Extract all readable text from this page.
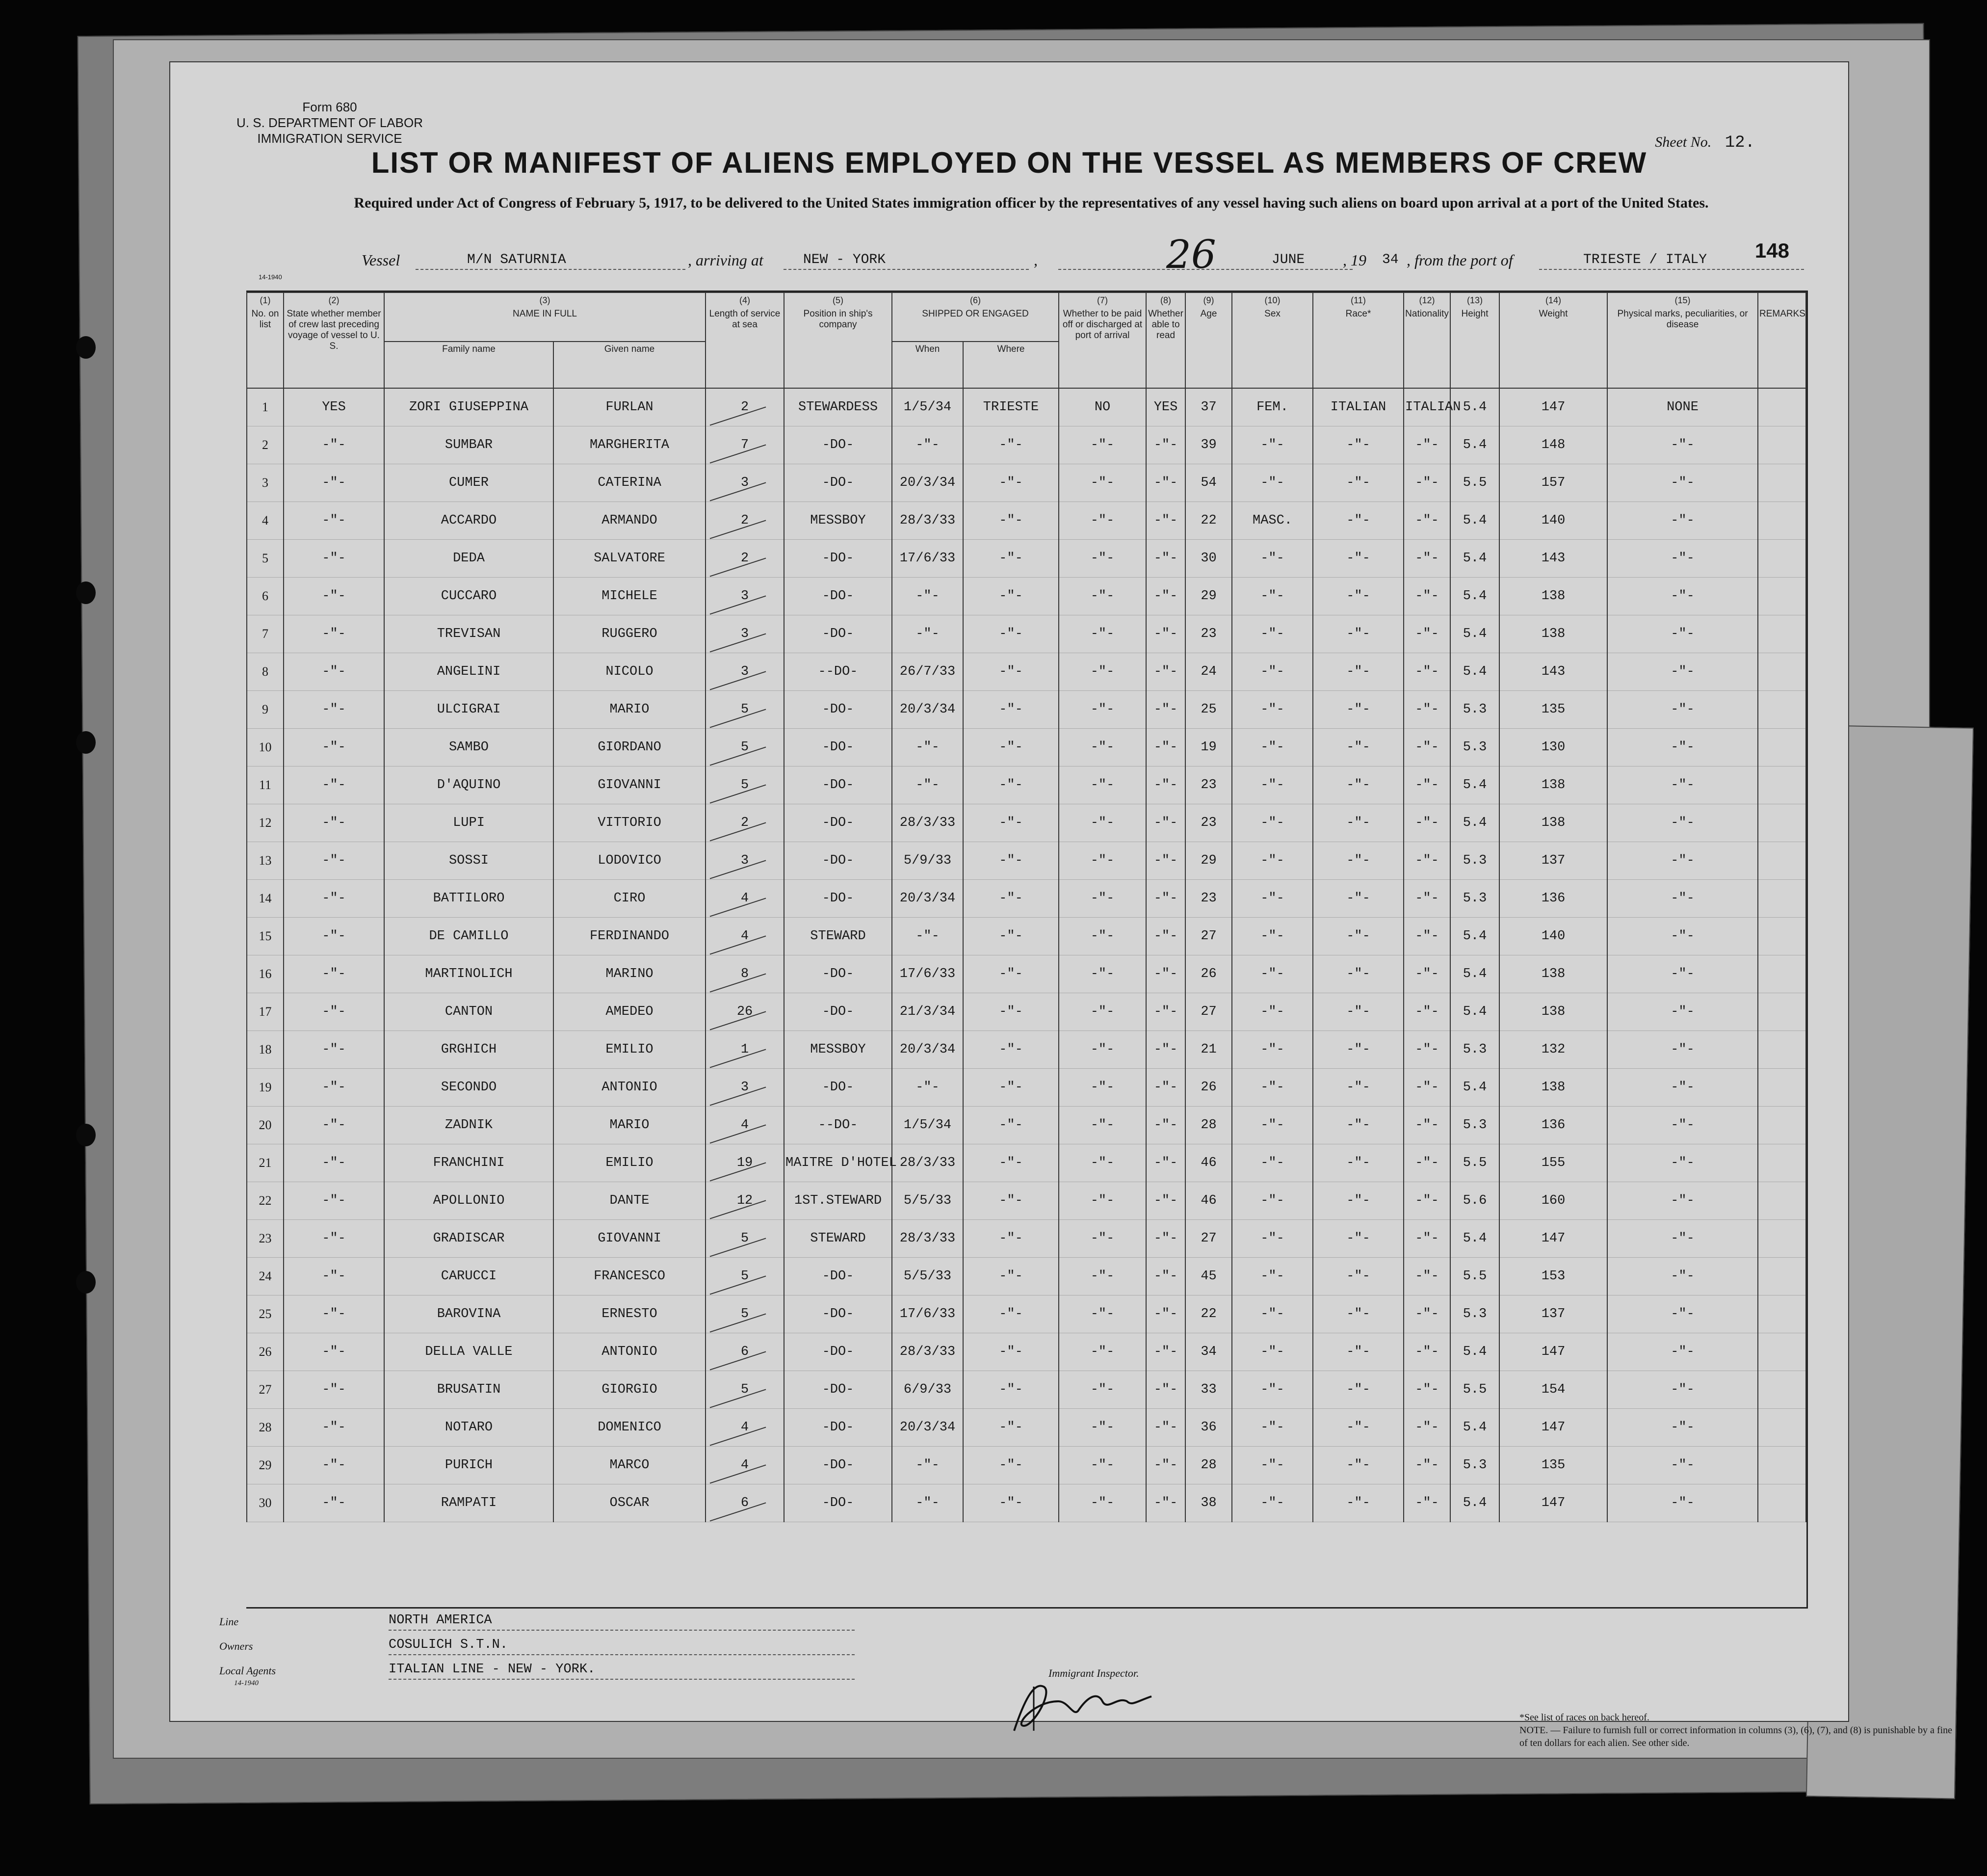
Form 680
U. S. DEPARTMENT OF LABOR
IMMIGRATION SERVICE
14-1940
Sheet No. 12.
LIST OR MANIFEST OF ALIENS EMPLOYED ON THE VESSEL AS MEMBERS OF CREW
Required under Act of Congress of February 5, 1917, to be delivered to the United States immigration officer by the representatives of any vessel having such aliens on board upon arrival at a port of the United States.
148
Vessel	M/N SATURNIA	, arriving at	NEW - YORK	,	26	JUNE , 19 34 , from the port of	TRIESTE / ITALY
(1)
No. on list	(2)
State whether member of crew last preceding voyage of vessel to U. S.	(3)
NAME IN FULL		(4)
Length of service at sea	(5)
Position in ship's company	(6)
SHIPPED OR ENGAGED		(7)
Whether to be paid off or discharged at port of arrival	(8)
Whether able to read	(9)
Age	(10)
Sex	(11)
Race*	(12)
Nationality	(13)
Height	(14)
Weight	(15)
Physical marks, peculiarities, or disease	REMARKS
		Family name	Given name			When	Where										
1	YES	ZORI GIUSEPPINA	FURLAN	2	STEWARDESS	1/5/34	TRIESTE	NO	YES	37	FEM.	ITALIAN	ITALIAN	5.4	147	NONE	
2	-"-	SUMBAR	MARGHERITA	7	-DO-	-"-	-"-	-"-	-"-	39	-"-	-"-	-"-	5.4	148	-"-	
3	-"-	CUMER	CATERINA	3	-DO-	20/3/34	-"-	-"-	-"-	54	-"-	-"-	-"-	5.5	157	-"-	
4	-"-	ACCARDO	ARMANDO	2	MESSBOY	28/3/33	-"-	-"-	-"-	22	MASC.	-"-	-"-	5.4	140	-"-	
5	-"-	DEDA	SALVATORE	2	-DO-	17/6/33	-"-	-"-	-"-	30	-"-	-"-	-"-	5.4	143	-"-	
6	-"-	CUCCARO	MICHELE	3	-DO-	-"-	-"-	-"-	-"-	29	-"-	-"-	-"-	5.4	138	-"-	
7	-"-	TREVISAN	RUGGERO	3	-DO-	-"-	-"-	-"-	-"-	23	-"-	-"-	-"-	5.4	138	-"-	
8	-"-	ANGELINI	NICOLO	3	--DO-	26/7/33	-"-	-"-	-"-	24	-"-	-"-	-"-	5.4	143	-"-	
9	-"-	ULCIGRAI	MARIO	5	-DO-	20/3/34	-"-	-"-	-"-	25	-"-	-"-	-"-	5.3	135	-"-	
10	-"-	SAMBO	GIORDANO	5	-DO-	-"-	-"-	-"-	-"-	19	-"-	-"-	-"-	5.3	130	-"-	
11	-"-	D'AQUINO	GIOVANNI	5	-DO-	-"-	-"-	-"-	-"-	23	-"-	-"-	-"-	5.4	138	-"-	
12	-"-	LUPI	VITTORIO	2	-DO-	28/3/33	-"-	-"-	-"-	23	-"-	-"-	-"-	5.4	138	-"-	
13	-"-	SOSSI	LODOVICO	3	-DO-	5/9/33	-"-	-"-	-"-	29	-"-	-"-	-"-	5.3	137	-"-	
14	-"-	BATTILORO	CIRO	4	-DO-	20/3/34	-"-	-"-	-"-	23	-"-	-"-	-"-	5.3	136	-"-	
15	-"-	DE CAMILLO	FERDINANDO	4	STEWARD	-"-	-"-	-"-	-"-	27	-"-	-"-	-"-	5.4	140	-"-	
16	-"-	MARTINOLICH	MARINO	8	-DO-	17/6/33	-"-	-"-	-"-	26	-"-	-"-	-"-	5.4	138	-"-	
17	-"-	CANTON	AMEDEO	26	-DO-	21/3/34	-"-	-"-	-"-	27	-"-	-"-	-"-	5.4	138	-"-	
18	-"-	GRGHICH	EMILIO	1	MESSBOY	20/3/34	-"-	-"-	-"-	21	-"-	-"-	-"-	5.3	132	-"-	
19	-"-	SECONDO	ANTONIO	3	-DO-	-"-	-"-	-"-	-"-	26	-"-	-"-	-"-	5.4	138	-"-	
20	-"-	ZADNIK	MARIO	4	--DO-	1/5/34	-"-	-"-	-"-	28	-"-	-"-	-"-	5.3	136	-"-	
21	-"-	FRANCHINI	EMILIO	19	MAITRE D'HOTEL	28/3/33	-"-	-"-	-"-	46	-"-	-"-	-"-	5.5	155	-"-	
22	-"-	APOLLONIO	DANTE	12	1ST.STEWARD	5/5/33	-"-	-"-	-"-	46	-"-	-"-	-"-	5.6	160	-"-	
23	-"-	GRADISCAR	GIOVANNI	5	STEWARD	28/3/33	-"-	-"-	-"-	27	-"-	-"-	-"-	5.4	147	-"-	
24	-"-	CARUCCI	FRANCESCO	5	-DO-	5/5/33	-"-	-"-	-"-	45	-"-	-"-	-"-	5.5	153	-"-	
25	-"-	BAROVINA	ERNESTO	5	-DO-	17/6/33	-"-	-"-	-"-	22	-"-	-"-	-"-	5.3	137	-"-	
26	-"-	DELLA VALLE	ANTONIO	6	-DO-	28/3/33	-"-	-"-	-"-	34	-"-	-"-	-"-	5.4	147	-"-	
27	-"-	BRUSATIN	GIORGIO	5	-DO-	6/9/33	-"-	-"-	-"-	33	-"-	-"-	-"-	5.5	154	-"-	
28	-"-	NOTARO	DOMENICO	4	-DO-	20/3/34	-"-	-"-	-"-	36	-"-	-"-	-"-	5.4	147	-"-	
29	-"-	PURICH	MARCO	4	-DO-	-"-	-"-	-"-	-"-	28	-"-	-"-	-"-	5.3	135	-"-	
30	-"-	RAMPATI	OSCAR	6	-DO-	-"-	-"-	-"-	-"-	38	-"-	-"-	-"-	5.4	147	-"-	
Line	NORTH AMERICA
Owners	COSULICH S.T.N.
Local Agents	ITALIAN LINE - NEW - YORK.
14-1940
Immigrant Inspector.
*See list of races on back hereof.
NOTE. — Failure to furnish full or correct information in columns (3), (6), (7), and (8) is punishable by a fine of ten dollars for each alien. See other side.
